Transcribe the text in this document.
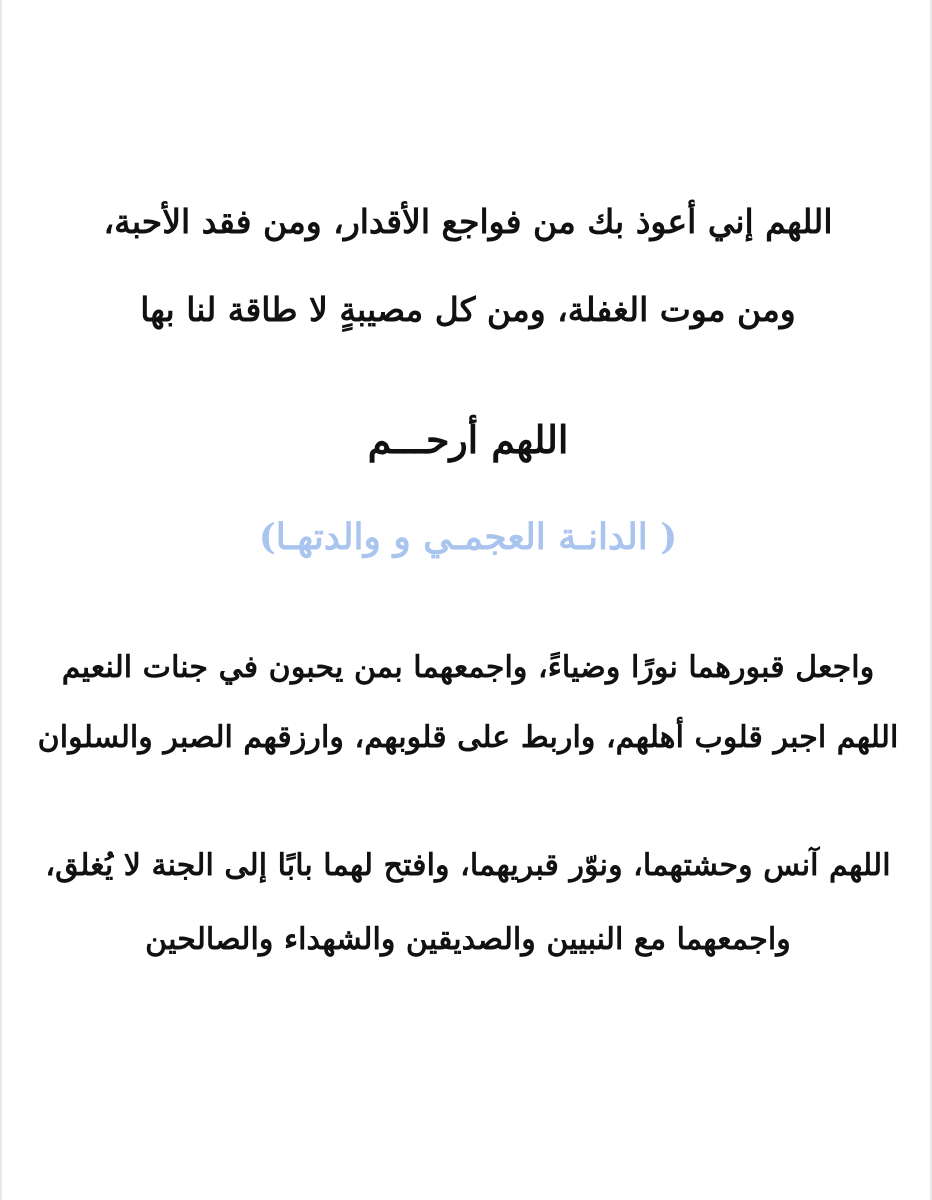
اللهم إني أعوذ بك من فواجع الأقدار، ومن فقد الأحبة،

ومن موت الغفلة، ومن كل مصيبةٍ لا طاقة لنا بها

اللهم أرحـــم

( الدانـة العجمـي و والدتهـا)

واجعل قبورهما نورًا وضياءً، واجمعهما بمن يحبون في جنات النعيم

اللهم اجبر قلوب أهلهم، واربط على قلوبهم، وارزقهم الصبر والسلوان

اللهم آنس وحشتهما، ونوّر قبريهما، وافتح لهما بابًا إلى الجنة لا يُغلق،

واجمعهما مع النبيين والصديقين والشهداء والصالحين
